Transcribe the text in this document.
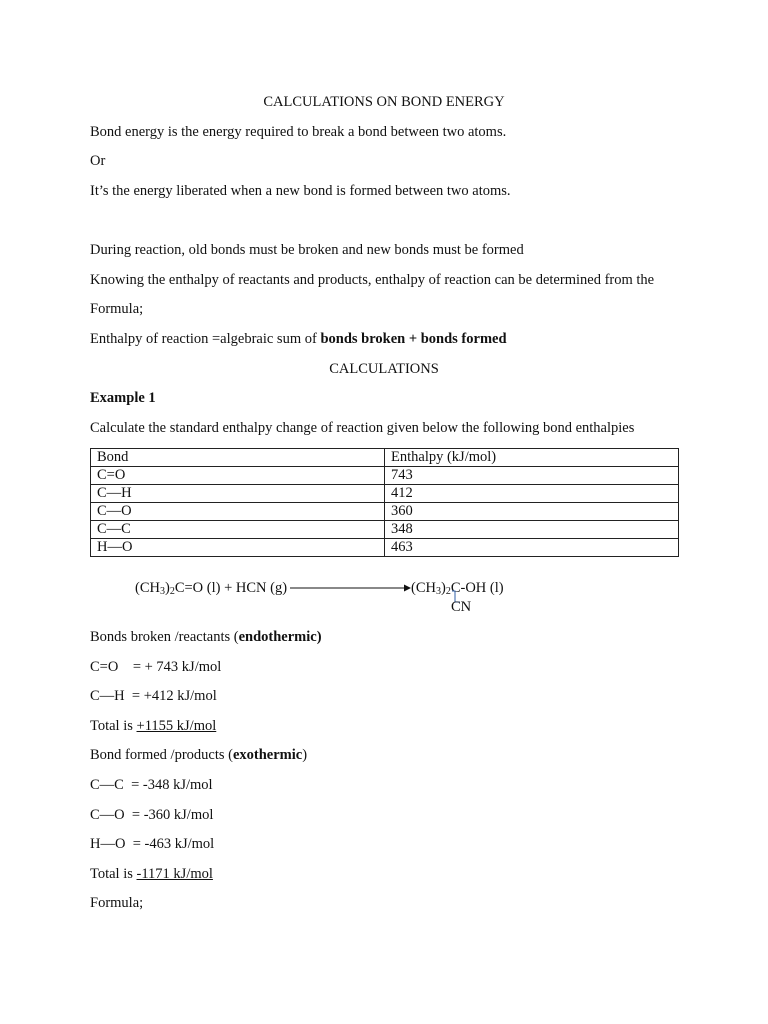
CALCULATIONS ON BOND ENERGY
Bond energy is the energy required to break a bond between two atoms.
Or
It’s the energy liberated when a new bond is formed between two atoms.
During reaction, old bonds must be broken and new bonds must be formed
Knowing the enthalpy of reactants and products, enthalpy of reaction can be determined from the
Formula;
Enthalpy of reaction =algebraic sum of bonds broken + bonds formed
CALCULATIONS
Example 1
Calculate the standard enthalpy change of reaction given below the following bond enthalpies
Bond	Enthalpy (kJ/mol)
C=O	743
C—H	412
C—O	360
C—C	348
H—O	463
$(CH_3)_2C=O$ (l) + HCN (g)	$(CH_3)_2C-OH$ (l)
CN
Bonds broken /reactants (endothermic)
C=O    = + 743 kJ/mol
C—H  = +412 kJ/mol
Total is +1155 kJ/mol
Bond formed /products (exothermic)
C—C  = -348 kJ/mol
C—O  = -360 kJ/mol
H—O  = -463 kJ/mol
Total is -1171 kJ/mol
Formula;
